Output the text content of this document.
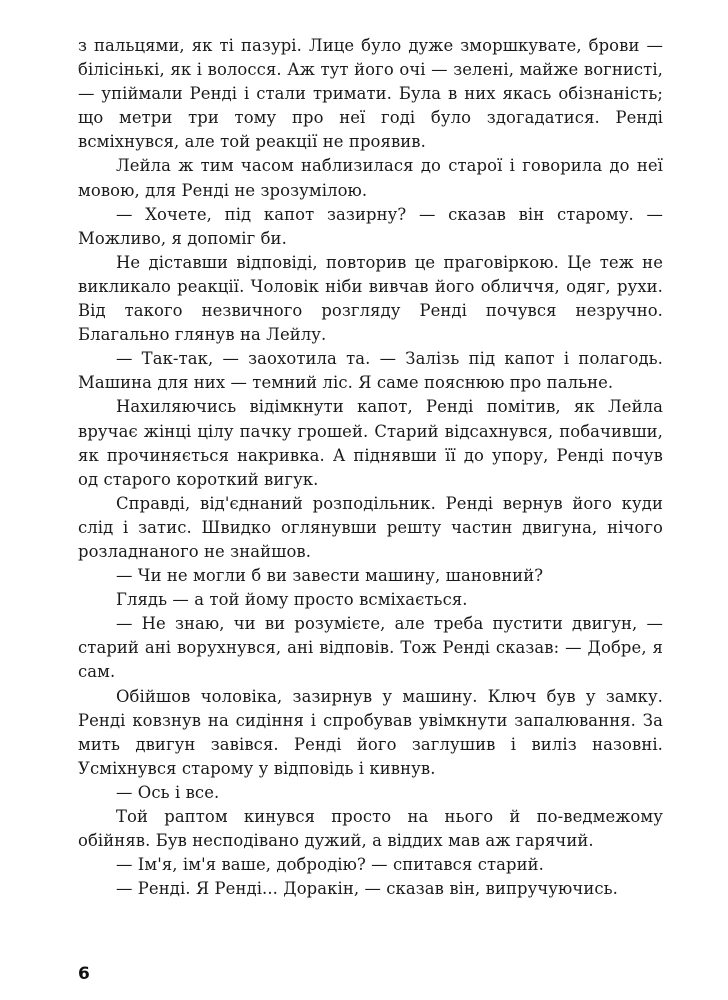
з пальцями, як ті пазурі. Лице було дуже зморшкувате, брови — білісінькі, як і волосся. Аж тут його очі — зелені, майже вогнисті, — упіймали Ренді і стали тримати. Була в них якась обізнаність; що метри три тому про неї годі було здогадатися. Ренді всміхнувся, але той реакції не проявив.

Лейла ж тим часом наблизилася до старої і говорила до неї мовою, для Ренді не зрозумілою.

— Хочете, під капот зазирну? — сказав він старому. — Можливо, я допоміг би.

Не діставши відповіді, повторив це праговіркою. Це теж не викликало реакції. Чоловік ніби вивчав його обличчя, одяг, рухи. Від такого незвичного розгляду Ренді почувся незручно. Благально глянув на Лейлу.

— Так-так, — заохотила та. — Залізь під капот і полагодь. Машина для них — темний ліс. Я саме пояснюю про пальне.

Нахиляючись відімкнути капот, Ренді помітив, як Лейла вручає жінці цілу пачку грошей. Старий відсахнувся, побачивши, як прочиняється накривка. А піднявши її до упору, Ренді почув од старого короткий вигук.

Справді, від'єднаний розподільник. Ренді вернув його куди слід і затис. Швидко оглянувши решту частин двигуна, нічого розладнаного не знайшов.

— Чи не могли б ви завести машину, шановний?

Глядь — а той йому просто всміхається.

— Не знаю, чи ви розумієте, але треба пустити двигун, — старий ані ворухнувся, ані відповів. Тож Ренді сказав: — Добре, я сам.

Обійшов чоловіка, зазирнув у машину. Ключ був у замку. Ренді ковзнув на сидіння і спробував увімкнути запалювання. За мить двигун завівся. Ренді його заглушив і виліз назовні. Усміхнувся старому у відповідь і кивнув.

— Ось і все.

Той раптом кинувся просто на нього й по-ведмежому обійняв. Був несподівано дужий, а віддих мав аж гарячий.

— Ім'я, ім'я ваше, добродію? — спитався старий.

— Ренді. Я Ренді... Доракін, — сказав він, випручуючись.

6
